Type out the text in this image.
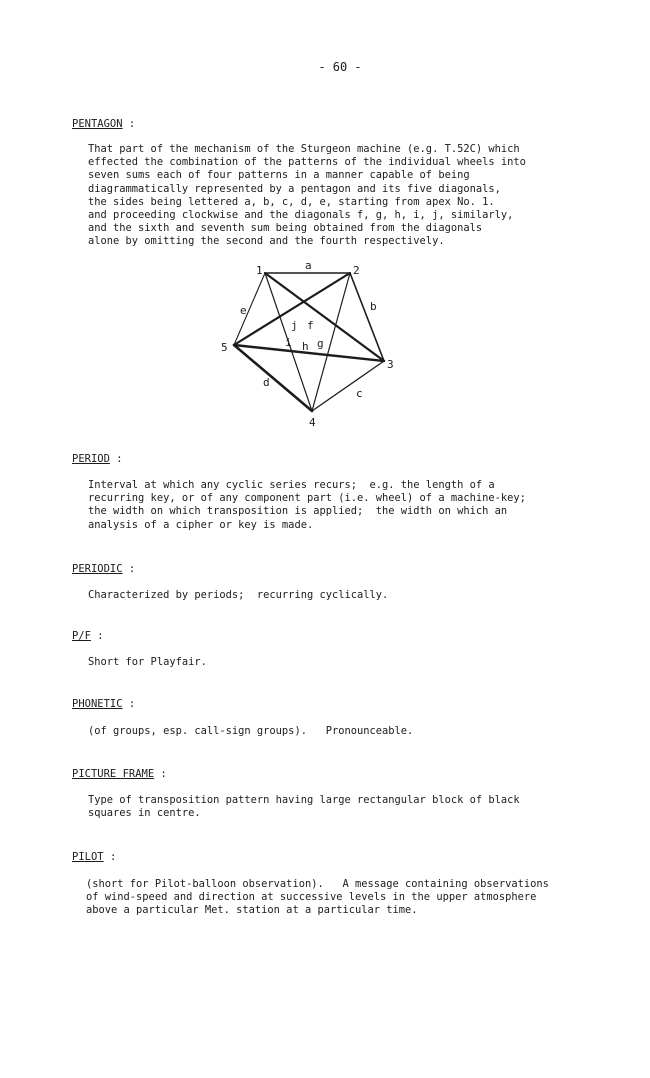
- 60 -
PENTAGON :
That part of the mechanism of the Sturgeon machine (e.g. T.52C) which
effected the combination of the patterns of the individual wheels into
seven sums each of four patterns in a manner capable of being
diagrammatically represented by a pentagon and its five diagonals,
the sides being lettered a, b, c, d, e, starting from apex No. 1.
and proceeding clockwise and the diagonals f, g, h, i, j, similarly,
and the sixth and seventh sum being obtained from the diagonals
alone by omitting the second and the fourth respectively.
1	2
3
4
5
a
b
c
d
e
f
g
h
i
j
PERIOD :
Interval at which any cyclic series recurs;  e.g. the length of a
recurring key, or of any component part (i.e. wheel) of a machine-key;
the width on which transposition is applied;  the width on which an
analysis of a cipher or key is made.
PERIODIC :
Characterized by periods;  recurring cyclically.
P/F :
Short for Playfair.
PHONETIC :
(of groups, esp. call-sign groups).   Pronounceable.
PICTURE FRAME :
Type of transposition pattern having large rectangular block of black
squares in centre.
PILOT :
(short for Pilot-balloon observation).   A message containing observations
of wind-speed and direction at successive levels in the upper atmosphere
above a particular Met. station at a particular time.
